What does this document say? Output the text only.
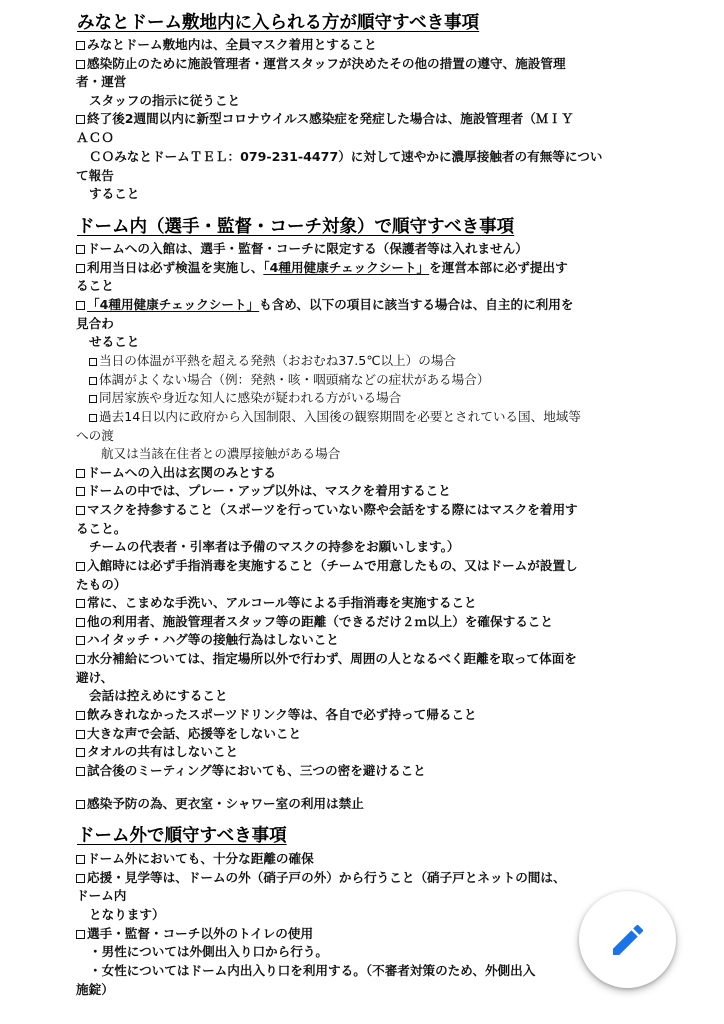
みなとドーム敷地内に入られる方が順守すべき事項
みなとドーム敷地内は、全員マスク着用とすること
感染防止のために施設管理者・運営スタッフが決めたその他の措置の遵守、施設管理
者・運営
スタッフの指示に従うこと
終了後2週間以内に新型コロナウイルス感染症を発症した場合は、施設管理者（ＭＩＹ
ＡＣＯ
ＣＯみなとドームＴＥＬ：079-231-4477）に対して速やかに濃厚接触者の有無等につい
て報告
すること
ドーム内（選手・監督・コーチ対象）で順守すべき事項
ドームへの入館は、選手・監督・コーチに限定する（保護者等は入れません）
利用当日は必ず検温を実施し、「4種用健康チェックシート」を運営本部に必ず提出す
ること
「4種用健康チェックシート」も含め、以下の項目に該当する場合は、自主的に利用を
見合わ
せること
当日の体温が平熱を超える発熱（おおむね37.5℃以上）の場合
体調がよくない場合（例：発熱・咳・咽頭痛などの症状がある場合）
同居家族や身近な知人に感染が疑われる方がいる場合
過去14日以内に政府から入国制限、入国後の観察期間を必要とされている国、地域等
への渡
航又は当該在住者との濃厚接触がある場合
ドームへの入出は玄関のみとする
ドームの中では、プレー・アップ以外は、マスクを着用すること
マスクを持参すること（スポーツを行っていない際や会話をする際にはマスクを着用す
ること。
チームの代表者・引率者は予備のマスクの持参をお願いします。）
入館時には必ず手指消毒を実施すること（チームで用意したもの、又はドームが設置し
たもの）
常に、こまめな手洗い、アルコール等による手指消毒を実施すること
他の利用者、施設管理者スタッフ等の距離（できるだけ２ｍ以上）を確保すること
ハイタッチ・ハグ等の接触行為はしないこと
水分補給については、指定場所以外で行わず、周囲の人となるべく距離を取って体面を
避け、
会話は控えめにすること
飲みきれなかったスポーツドリンク等は、各自で必ず持って帰ること
大きな声で会話、応援等をしないこと
タオルの共有はしないこと
試合後のミーティング等においても、三つの密を避けること
感染予防の為、更衣室・シャワー室の利用は禁止
ドーム外で順守すべき事項
ドーム外においても、十分な距離の確保
応援・見学等は、ドームの外（硝子戸の外）から行うこと（硝子戸とネットの間は、
ドーム内
となります）
選手・監督・コーチ以外のトイレの使用
・男性については外側出入り口から行う。
・女性についてはドーム内出入り口を利用する。（不審者対策のため、外側出入
施錠）
